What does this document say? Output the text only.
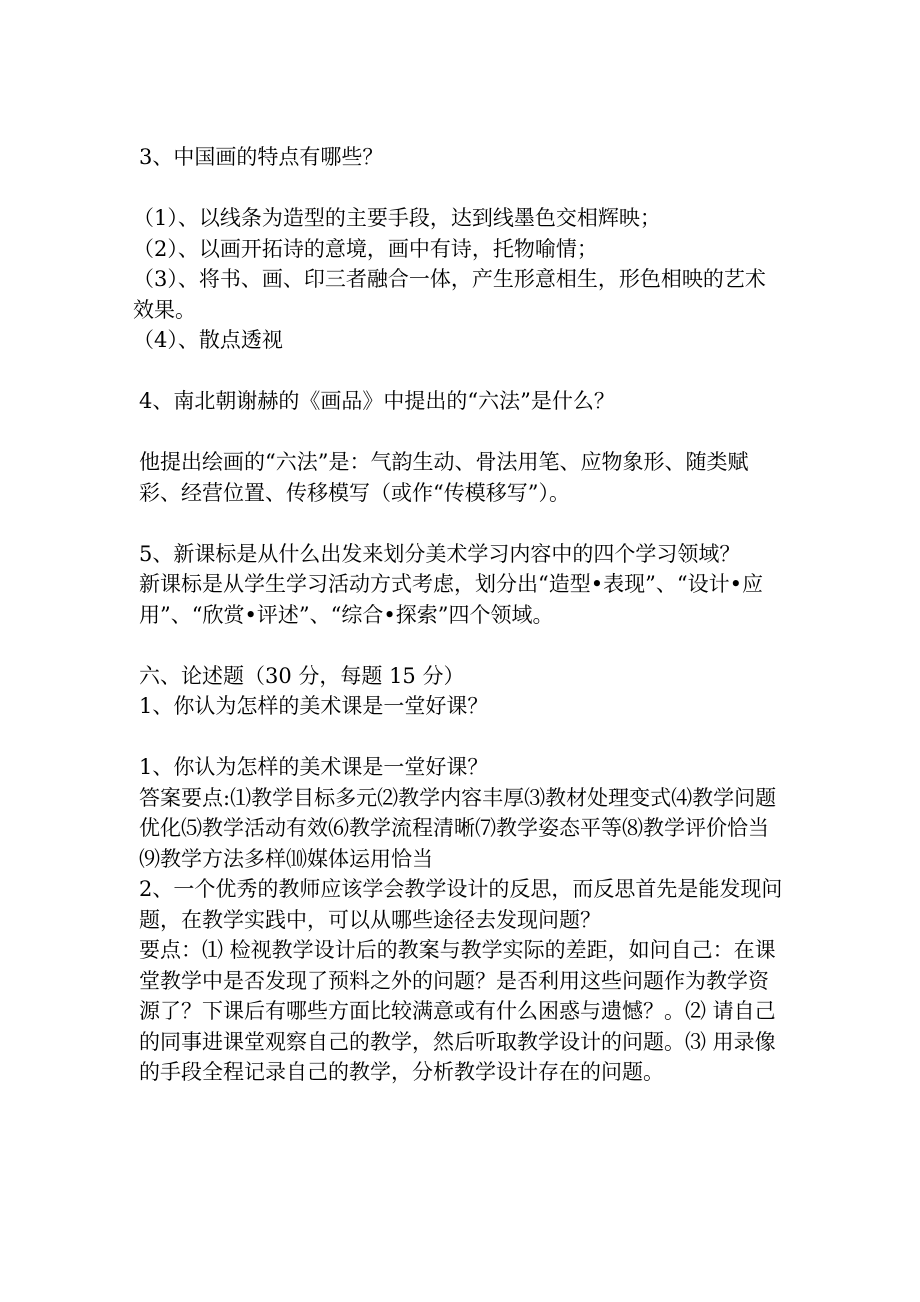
3、中国画的特点有哪些？

（1）、以线条为造型的主要手段，达到线墨色交相辉映；

（2）、以画开拓诗的意境，画中有诗，托物喻情；

（3）、将书、画、印三者融合一体，产生形意相生，形色相映的艺术效果。

（4）、散点透视

4、南北朝谢赫的《画品》中提出的“六法”是什么？

他提出绘画的“六法”是：气韵生动、骨法用笔、应物象形、随类赋彩、经营位置、传移模写（或作“传模移写”）。

5、新课标是从什么出发来划分美术学习内容中的四个学习领域？

新课标是从学生学习活动方式考虑，划分出“造型•表现”、“设计•应用”、“欣赏•评述”、“综合•探索”四个领域。

六、论述题（30 分，每题 15 分）

1、你认为怎样的美术课是一堂好课？

1、你认为怎样的美术课是一堂好课？

答案要点:⑴教学目标多元⑵教学内容丰厚⑶教材处理变式⑷教学问题优化⑸教学活动有效⑹教学流程清晰⑺教学姿态平等⑻教学评价恰当⑼教学方法多样⑽媒体运用恰当

2、一个优秀的教师应该学会教学设计的反思，而反思首先是能发现问题，在教学实践中，可以从哪些途径去发现问题？

要点：⑴ 检视教学设计后的教案与教学实际的差距，如问自己：在课堂教学中是否发现了预料之外的问题？是否利用这些问题作为教学资源了？下课后有哪些方面比较满意或有什么困惑与遗憾？。⑵ 请自己的同事进课堂观察自己的教学，然后听取教学设计的问题。⑶ 用录像的手段全程记录自己的教学，分析教学设计存在的问题。
